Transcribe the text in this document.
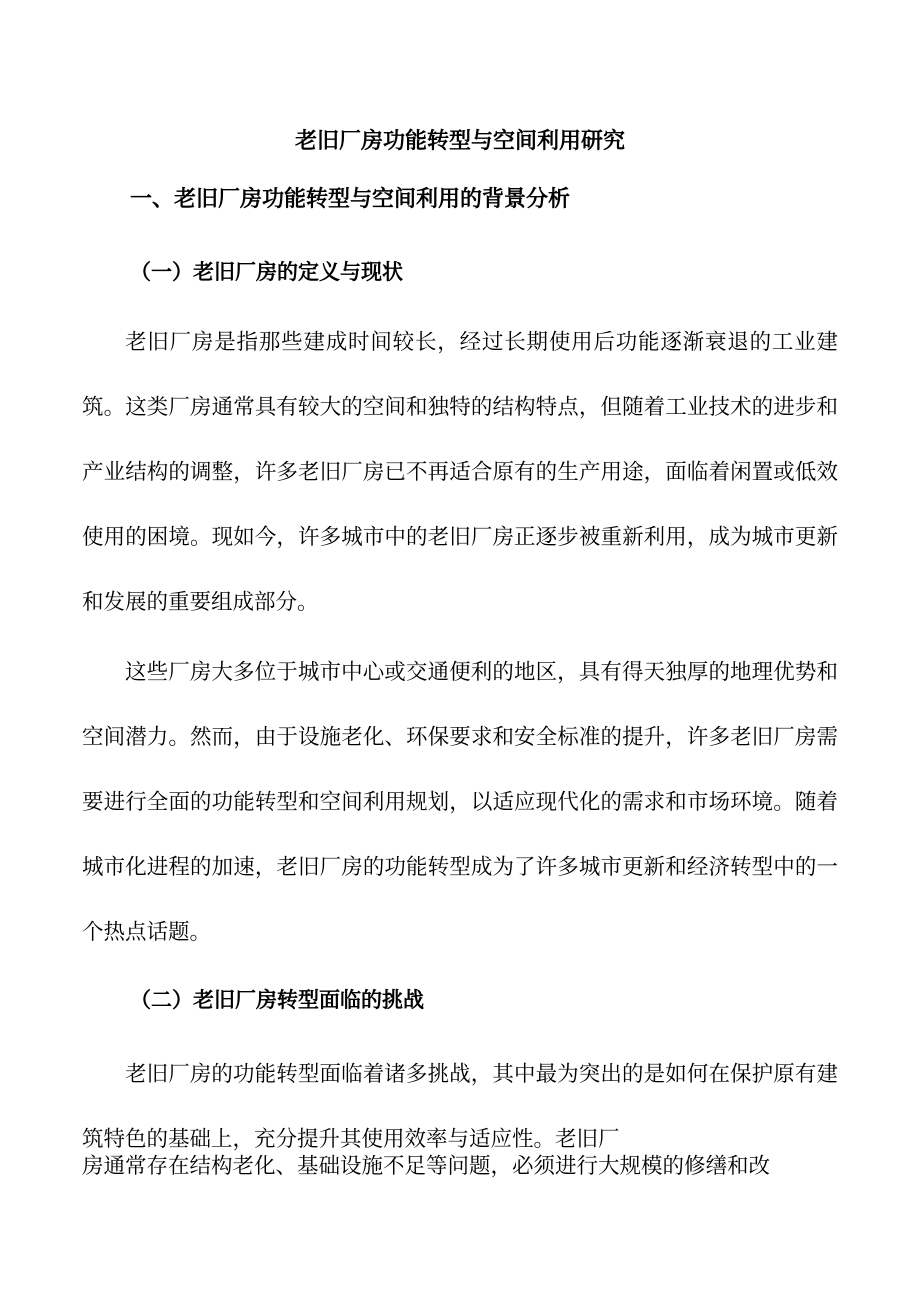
老旧厂房功能转型与空间利用研究
一、老旧厂房功能转型与空间利用的背景分析
（一）老旧厂房的定义与现状

老旧厂房是指那些建成时间较长，经过长期使用后功能逐渐衰退的工业建筑。这类厂房通常具有较大的空间和独特的结构特点，但随着工业技术的进步和产业结构的调整，许多老旧厂房已不再适合原有的生产用途，面临着闲置或低效使用的困境。现如今，许多城市中的老旧厂房正逐步被重新利用，成为城市更新和发展的重要组成部分。

这些厂房大多位于城市中心或交通便利的地区，具有得天独厚的地理优势和空间潜力。然而，由于设施老化、环保要求和安全标准的提升，许多老旧厂房需要进行全面的功能转型和空间利用规划，以适应现代化的需求和市场环境。随着城市化进程的加速，老旧厂房的功能转型成为了许多城市更新和经济转型中的一个热点话题。

（二）老旧厂房转型面临的挑战

老旧厂房的功能转型面临着诸多挑战，其中最为突出的是如何在保护原有建筑特色的基础上，充分提升其使用效率与适应性。老旧厂

房通常存在结构老化、基础设施不足等问题，必须进行大规模的修缮和改
